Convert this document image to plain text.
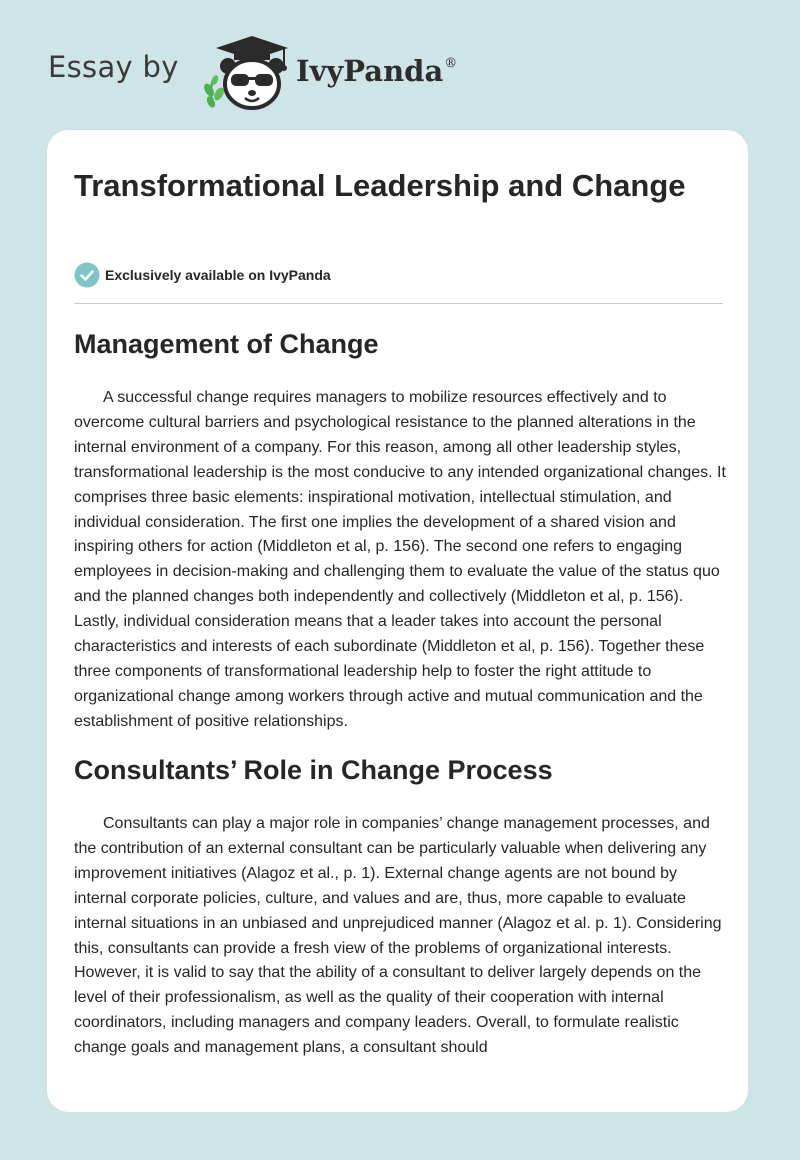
Essay by	IvyPanda®
Transformational Leadership and Change
Exclusively available on IvyPanda
Management of Change

A successful change requires managers to mobilize resources effectively and to overcome cultural barriers and psychological resistance to the planned alterations in the internal environment of a company. For this reason, among all other leadership styles, transformational leadership is the most conducive to any intended organizational changes. It comprises three basic elements: inspirational motivation, intellectual stimulation, and individual consideration. The first one implies the development of a shared vision and inspiring others for action (Middleton et al, p. 156). The second one refers to engaging employees in decision-making and challenging them to evaluate the value of the status quo and the planned changes both independently and collectively (Middleton et al, p. 156). Lastly, individual consideration means that a leader takes into account the personal characteristics and interests of each subordinate (Middleton et al, p. 156). Together these three components of transformational leadership help to foster the right attitude to organizational change among workers through active and mutual communication and the establishment of positive relationships.

Consultants’ Role in Change Process

Consultants can play a major role in companies’ change management processes, and the contribution of an external consultant can be particularly valuable when delivering any improvement initiatives (Alagoz et al., p. 1). External change agents are not bound by internal corporate policies, culture, and values and are, thus, more capable to evaluate internal situations in an unbiased and unprejudiced manner (Alagoz et al. p. 1). Considering this, consultants can provide a fresh view of the problems of organizational interests. However, it is valid to say that the ability of a consultant to deliver largely depends on the level of their professionalism, as well as the quality of their cooperation with internal coordinators, including managers and company leaders. Overall, to formulate realistic change goals and management plans, a consultant should
